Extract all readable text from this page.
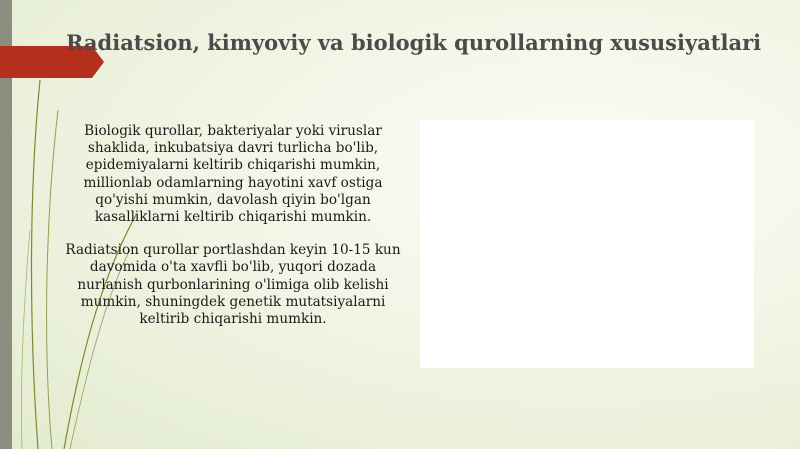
Radiatsion, kimyoviy va biologik qurollarning xususiyatlari

Biologik qurollar, bakteriyalar yoki viruslar shaklida, inkubatsiya davri turlicha bo'lib, epidemiyalarni keltirib chiqarishi mumkin, millionlab odamlarning hayotini xavf ostiga qo'yishi mumkin, davolash qiyin bo'lgan kasalliklarni keltirib chiqarishi mumkin.

Radiatsion qurollar portlashdan keyin 10-15 kun davomida o'ta xavfli bo'lib, yuqori dozada nurlanish qurbonlarining o'limiga olib kelishi mumkin, shuningdek genetik mutatsiyalarni keltirib chiqarishi mumkin.
